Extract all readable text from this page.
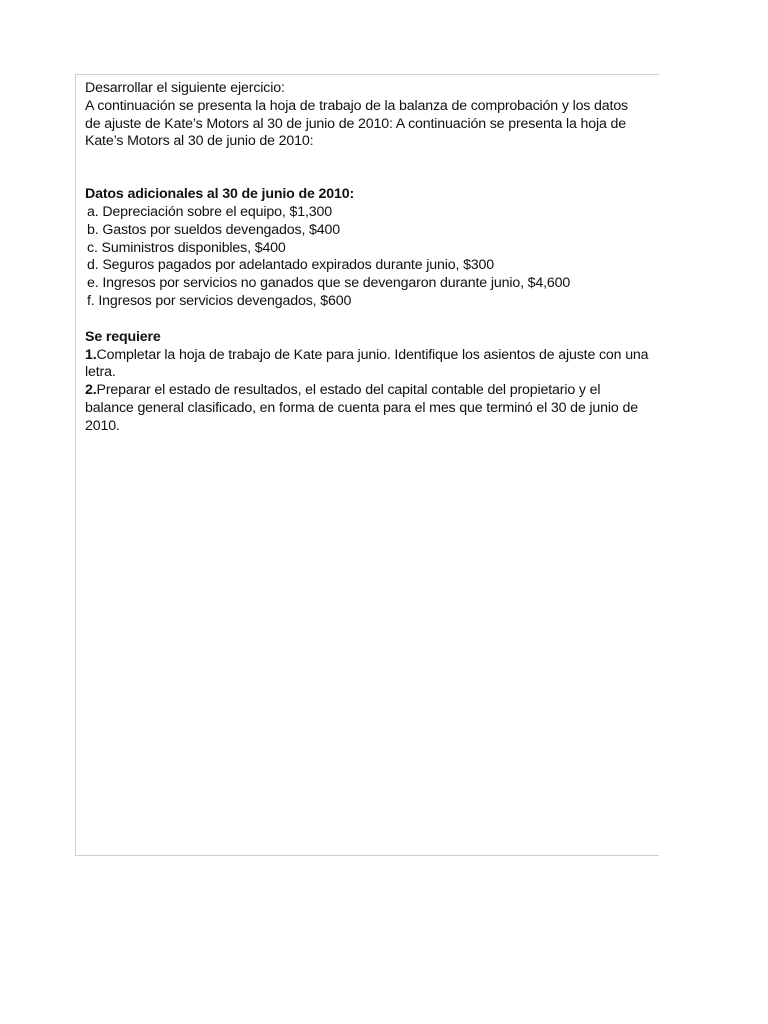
Desarrollar el siguiente ejercicio:
A continuación se presenta la hoja de trabajo de la balanza de comprobación y los datos
de ajuste de Kate’s Motors al 30 de junio de 2010: A continuación se presenta la hoja de
Kate’s Motors al 30 de junio de 2010:
Datos adicionales al 30 de junio de 2010:
a. Depreciación sobre el equipo, $1,300
b. Gastos por sueldos devengados, $400
c. Suministros disponibles, $400
d. Seguros pagados por adelantado expirados durante junio, $300
e. Ingresos por servicios no ganados que se devengaron durante junio, $4,600
f. Ingresos por servicios devengados, $600
Se requiere
1.Completar la hoja de trabajo de Kate para junio. Identifique los asientos de ajuste con una letra.
2.Preparar el estado de resultados, el estado del capital contable del propietario y el balance general clasificado, en forma de cuenta para el mes que terminó el 30 de junio de 2010.
